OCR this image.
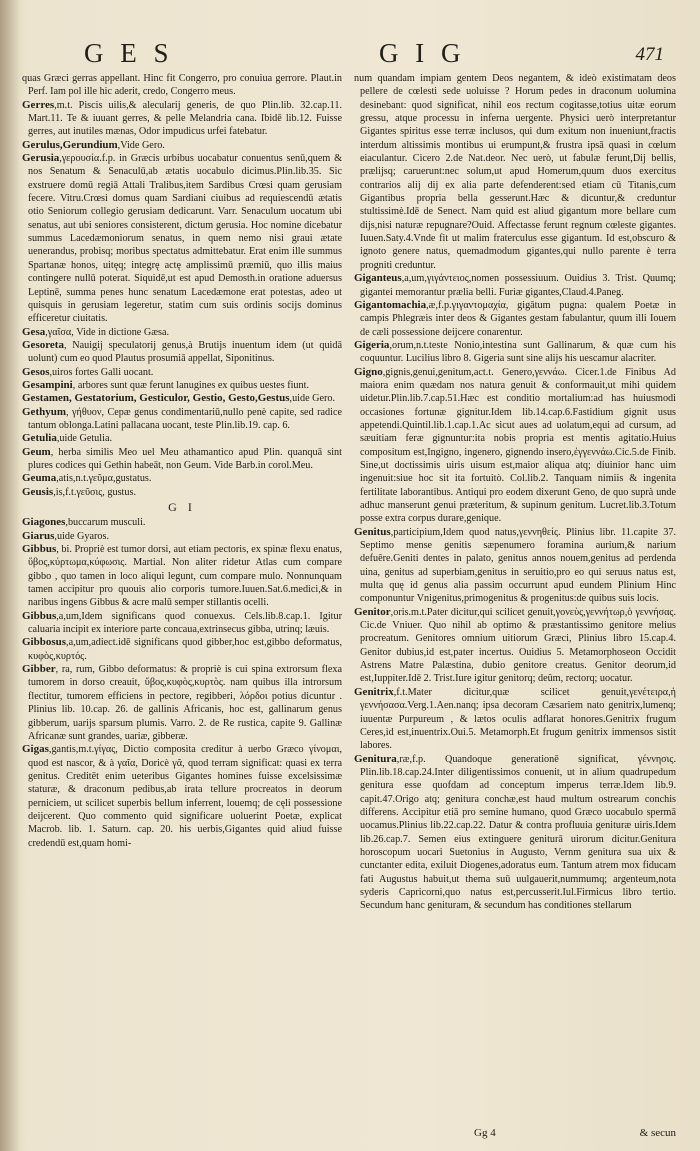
G E S	G I G	471

quas Græci gerras appellant. Hinc fit Congerro, pro conuiua gerrore. Plaut.in Perf. Iam pol ille hic aderit, credo, Congerro meus.

Gerres,m.t. Piscis uilis,& alecularij generis, de quo Plin.lib. 32.cap.11. Mart.11. Te & iuuant gerres, & pelle Melandria cana. Ibidē lib.12. Fuisse gerres, aut inutiles mænas, Odor impudicus urfei fatebatur.

Gerulus,Gerundium,Vide Gero.

Gerusia,γερουσία.f.p. in Græcis urbibus uocabatur conuentus senū,quem & nos Senatum & Senaculū,ab ætatis uocabulo dicimus.Plin.lib.35. Sic exstruere domū regiā Attali Tralibus,item Sardibus Crœsi quam gerusiam fecere. Vitru.Crœsi domus quam Sardiani ciuibus ad requiescendū ætatis otio Seniorum collegio gerusiam dedicarunt. Varr. Senaculum uocatum ubi senatus, aut ubi seniores consisterent, dictum gerusia. Hoc nomine dicebatur summus Lacedæmoniorum senatus, in quem nemo nisi graui ætate uenerandus, probisq; moribus spectatus admittebatur. Erat enim ille summus Spartanæ honos, uitęq; integrę actę amplissimū præmiū, quo illis maius contingere nullū poterat. Siquidē,ut est apud Demosth.in oratione aduersus Leptinē, summa penes hunc senatum Lacedæmone erat potestas, adeo ut quisquis in gerusiam legeretur, statim cum suis ordinis socijs dominus efficeretur ciuitatis.

Gesa,γαῖσα, Vide in dictione Gæsa.

Gesoreta, Nauigij speculatorij genus,à Brutijs inuentum idem (ut quidā uolunt) cum eo quod Plautus prosumiā appellat, Siponitinus.

Gesos,uiros fortes Galli uocant.

Gesampini, arbores sunt quæ ferunt lanugines ex quibus uestes fiunt.

Gestamen, Gestatorium, Gesticulor, Gestio, Gesto,Gestus,uide Gero.

Gethyum, γήθυον, Cepæ genus condimentariū,nullo penè capite, sed radice tantum oblonga.Latini pallacana uocant, teste Plin.lib.19. cap. 6.

Getulia,uide Getulia.

Geum, herba similis Meo uel Meu athamantico apud Plin. quanquā sint plures codices qui Gethin habeāt, non Geum. Vide Barb.in corol.Meu.

Geuma,atis,n.t.γεῦμα,gustatus.

Geusis,is,f.t.γεῦσις, gustus.

G I

Giagones,buccarum musculi.

Giarus,uide Gyaros.

Gibbus, bi. Propriè est tumor dorsi, aut etiam pectoris, ex spinæ flexu enatus, ὕβος,κύρτωμα,κύφωσις. Martial. Non aliter ridetur Atlas cum compare gibbo , quo tamen in loco aliqui legunt, cum compare mulo. Nonnunquam tamen accipitur pro quouis alio corporis tumore.Iuuen.Sat.6.medici,& in naribus ingens Gibbus & acre malū semper stillantis ocelli.

Gibbus,a,um,Idem significans quod conuexus. Cels.lib.8.cap.1. Igitur caluaria incipit ex interiore parte concaua,extrinsecus gibba, utrinq; læuis.

Gibbosus,a,um,adiect.idē significans quod gibber,hoc est,gibbo deformatus, κυφὸς,κυρτός.

Gibber, ra, rum, Gibbo deformatus: & propriè is cui spina extrorsum flexa tumorem in dorso creauit, ὕβος,κυφὸς,κυρτὸς. nam quibus illa introrsum flectitur, tumorem efficiens in pectore, regibberi, λόρδοι potius dicuntur . Plinius lib. 10.cap. 26. de gallinis Africanis, hoc est, gallinarum genus gibberum, uarijs sparsum plumis. Varro. 2. de Re rustica, capite 9. Gallinæ Africanæ sunt grandes, uariæ, gibberæ.

Gigas,gantis,m.t.γίγας, Dictio composita creditur à uerbo Græco γίνομαι, quod est nascor, & à γαῖα, Doricè γᾶ, quod terram significat: quasi ex terra genitus. Creditēt enim ueteribus Gigantes homines fuisse excelsissimæ staturæ, & draconum pedibus,ab irata tellure procreatos in deorum perniciem, ut scilicet superbis bellum inferrent, louemq; de cęli possessione deijcerent. Quo commento quid significare uoluerint Poetæ, explicat Macrob. lib. 1. Saturn. cap. 20. his uerbis,Gigantes quid aliud fuisse credendū est,quam homi-

num quandam impiam gentem Deos negantem, & ideò existimatam deos pellere de cœlesti sede uoluisse ? Horum pedes in draconum uolumina desinebant: quod significat, nihil eos rectum cogitasse,totius uitæ eorum gressu, atque processu in inferna uergente. Physici uerò interpretantur Gigantes spiritus esse terræ inclusos, qui dum exitum non inueniunt,fractis interdum altissimis montibus ui erumpunt,& frustra ipsā quasi in cœlum eiaculantur. Cicero 2.de Nat.deor. Nec uerò, ut fabulæ ferunt,Dij bellis, prælijsq; caruerunt:nec solum,ut apud Homerum,quum duos exercitus contrarios alij dij ex alia parte defenderent:sed etiam cū Titanis,cum Gigantibus propria bella gesserunt.Hæc & dicuntur,& creduntur stultissimè.Idē de Senect. Nam quid est aliud gigantum more bellare cum dijs,nisi naturæ repugnare?Ouid. Affectasse ferunt regnum cœleste gigantes. Iuuen.Saty.4.Vnde fit ut malim fraterculus esse gigantum. Id est,obscuro & ignoto genere natus, quemadmodum gigantes,qui nullo parente è terra progniti creduntur.

Giganteus,a,um,γιγάντειος,nomen possessiuum. Ouidius 3. Trist. Quumq; gigantei memorantur prælia belli. Furiæ gigantes,Claud.4.Paneg.

Gigantomachia,æ,f.p.γιγαντομαχία, gigātum pugna: qualem Poetæ in campis Phlegræis inter deos & Gigantes gestam fabulantur, quum illi Iouem de cæli possessione deijcere conarentur.

Gigeria,orum,n.t.teste Nonio,intestina sunt Gallinarum, & quæ cum his coquuntur. Lucilius libro 8. Gigeria sunt sine alijs his uescamur alacriter.

Gigno,gignis,genui,genitum,act.t. Genero,γεννάω. Cicer.1.de Finibus Ad maiora enim quædam nos natura genuit & conformauit,ut mihi quidem uidetur.Plin.lib.7.cap.51.Hæc est conditio mortalium:ad has huiusmodi occasiones fortunæ gignitur.Idem lib.14.cap.6.Fastidium gignit usus appetendi.Quintil.lib.1.cap.1.Ac sicut aues ad uolatum,equi ad cursum, ad sæuitiam feræ gignuntur:ita nobis propria est mentis agitatio.Huius compositum est,Ingigno, ingenero, gignendo insero,ἐγγεννάω.Cic.5.de Finib. Sine,ut doctissimis uiris uisum est,maior aliqua atq; diuinior hanc uim ingenuit:siue hoc sit ita fortuitò. Col.lib.2. Tanquam nimiis & ingenita fertilitate laborantibus. Antiqui pro eodem dixerunt Geno, de quo suprà unde adhuc manserunt genui præteritum, & supinum genitum. Lucret.lib.3.Totum posse extra corpus durare,genique.

Genitus,participium,Idem quod natus,γεννηθείς. Plinius libr. 11.capite 37. Septimo mense genitis sæpenumero foramina aurium,& narium defuêre.Geniti dentes in palato, genitus annos nouem,genitus ad perdenda uina, genitus ad superbiam,genitus in seruitio,pro eo qui seruus natus est, multa quę id genus alia passim occurrunt apud eundem Plinium Hinc componuntur Vnigenitus,primogenitus & progenitus:de quibus suis locis.

Genitor,oris.m.t.Pater dicitur,qui scilicet genuit,γονεὺς,γεννήτωρ,ὁ γεννήσας. Cic.de Vniuer. Quo nihil ab optimo & præstantissimo genitore melius procreatum. Genitores omnium uitiorum Græci, Plinius libro 15.cap.4. Genitor dubius,id est,pater incertus. Ouidius 5. Metamorphoseon Occidit Astrens Matre Palæstina, dubio genitore creatus. Genitor deorum,id est,Iuppiter.Idē 2. Trist.Iure igitur genitorq; deûm, rectorq; uocatur.

Genitrix,f.t.Mater dicitur,quæ scilicet genuit,γενέτειρα,ἡ γεννήσασα.Verg.1.Aen.nanq; ipsa decoram Cæsariem nato genitrix,lumenq; iuuentæ Purpureum , & lætos oculis adflarat honores.Genitrix frugum Ceres,id est,inuentrix.Oui.5. Metamorph.Et frugum genitrix immensos sistit labores.

Genitura,ræ,f.p. Quandoque generationē significat, γέννησις. Plin.lib.18.cap.24.Inter diligentissimos conuenit, ut in alium quadrupedum genitura esse quofdam ad conceptum imperus terræ.Idem lib.9. capit.47.Origo atq; genitura conchæ,est haud multum ostrearum conchis differens. Accipitur etiā pro semine humano, quod Græco uocabulo spermā uocamus.Plinius lib.22.cap.22. Datur & contra profluuia genituræ uiris.Idem lib.26.cap.7. Semen eius extinguere geniturā uirorum dicitur.Genitura horoscopum uocari Suetonius in Augusto, Vernm genitura sua uix & cunctanter edita, exiluit Diogenes,adoratus eum. Tantum atrem mox fiducam fati Augustus habuit,ut thema suū uulgauerit,nummumq; argenteum,nota syderis Capricorni,quo natus est,percusserit.Iul.Firmicus libro tertio. Secundum hanc genituram, & secundum has conditiones stellarum

Gg 4	& secun
